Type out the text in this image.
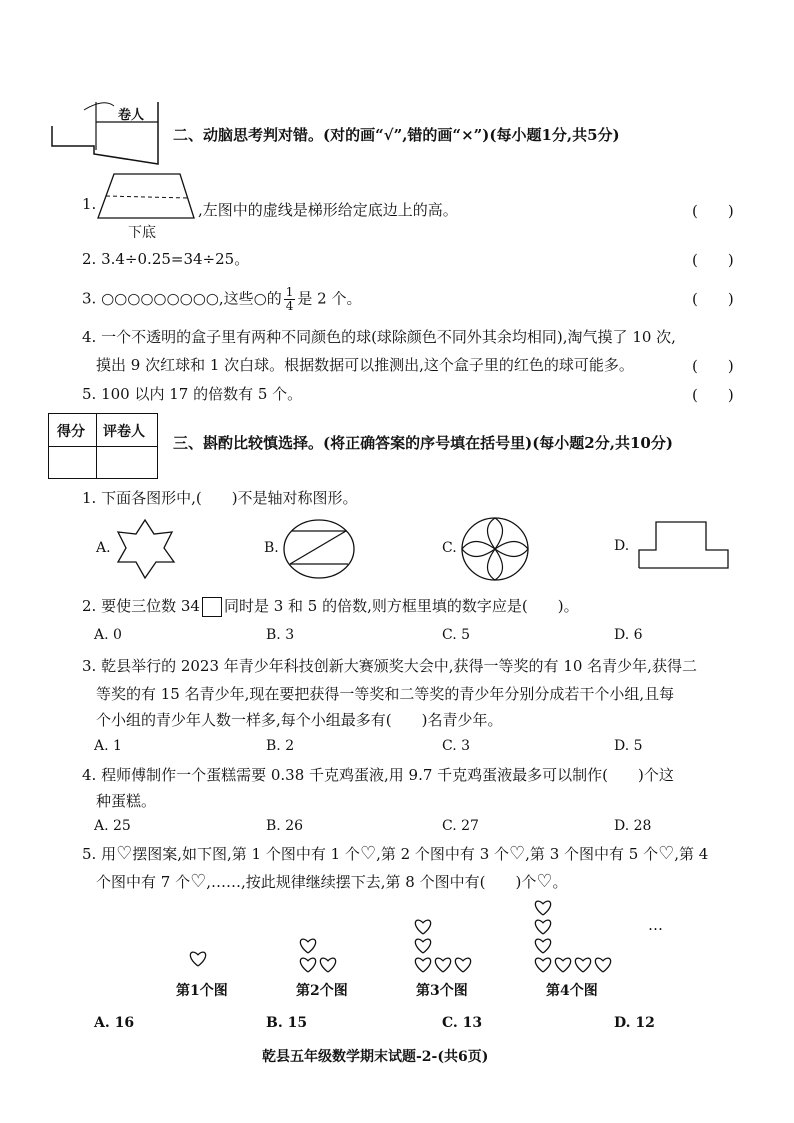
卷人
二、动脑思考判对错。(对的画“√”,错的画“×”)(每小题1分,共5分)
1.
下底
,左图中的虚线是梯形给定底边上的高。	(　　)
2. 3.4÷0.25=34÷25。	(　　)
3. ○○○○○○○○○,这些○的 $\frac{1}{4}$ 是 2 个。	(　　)
4. 一个不透明的盒子里有两种不同颜色的球(球除颜色不同外其余均相同),淘气摸了 10 次,
摸出 9 次红球和 1 次白球。根据数据可以推测出,这个盒子里的红色的球可能多。	(　　)
5. 100 以内 17 的倍数有 5 个。	(　　)
得分 评卷人
三、斟酌比较慎选择。(将正确答案的序号填在括号里)(每小题2分,共10分)
1. 下面各图形中,(　　)不是轴对称图形。
A.	B.	C.	D.
2. 要使三位数 34 同时是 3 和 5 的倍数,则方框里填的数字应是(　　)。
A. 0	B. 3	C. 5	D. 6
3. 乾县举行的 2023 年青少年科技创新大赛颁奖大会中,获得一等奖的有 10 名青少年,获得二
等奖的有 15 名青少年,现在要把获得一等奖和二等奖的青少年分别分成若干个小组,且每
个小组的青少年人数一样多,每个小组最多有(　　)名青少年。
A. 1	B. 2	C. 3	D. 5
4. 程师傅制作一个蛋糕需要 0.38 千克鸡蛋液,用 9.7 千克鸡蛋液最多可以制作(　　)个这
种蛋糕。
A. 25	B. 26	C. 27	D. 28
5. 用♡摆图案,如下图,第 1 个图中有 1 个♡,第 2 个图中有 3 个♡,第 3 个图中有 5 个♡,第 4
个图中有 7 个♡,……,按此规律继续摆下去,第 8 个图中有(　　)个♡。
第1个图	第2个图	第3个图	第4个图
…
A. 16	B. 15	C. 13	D. 12
乾县五年级数学期末试题-2-(共6页)
